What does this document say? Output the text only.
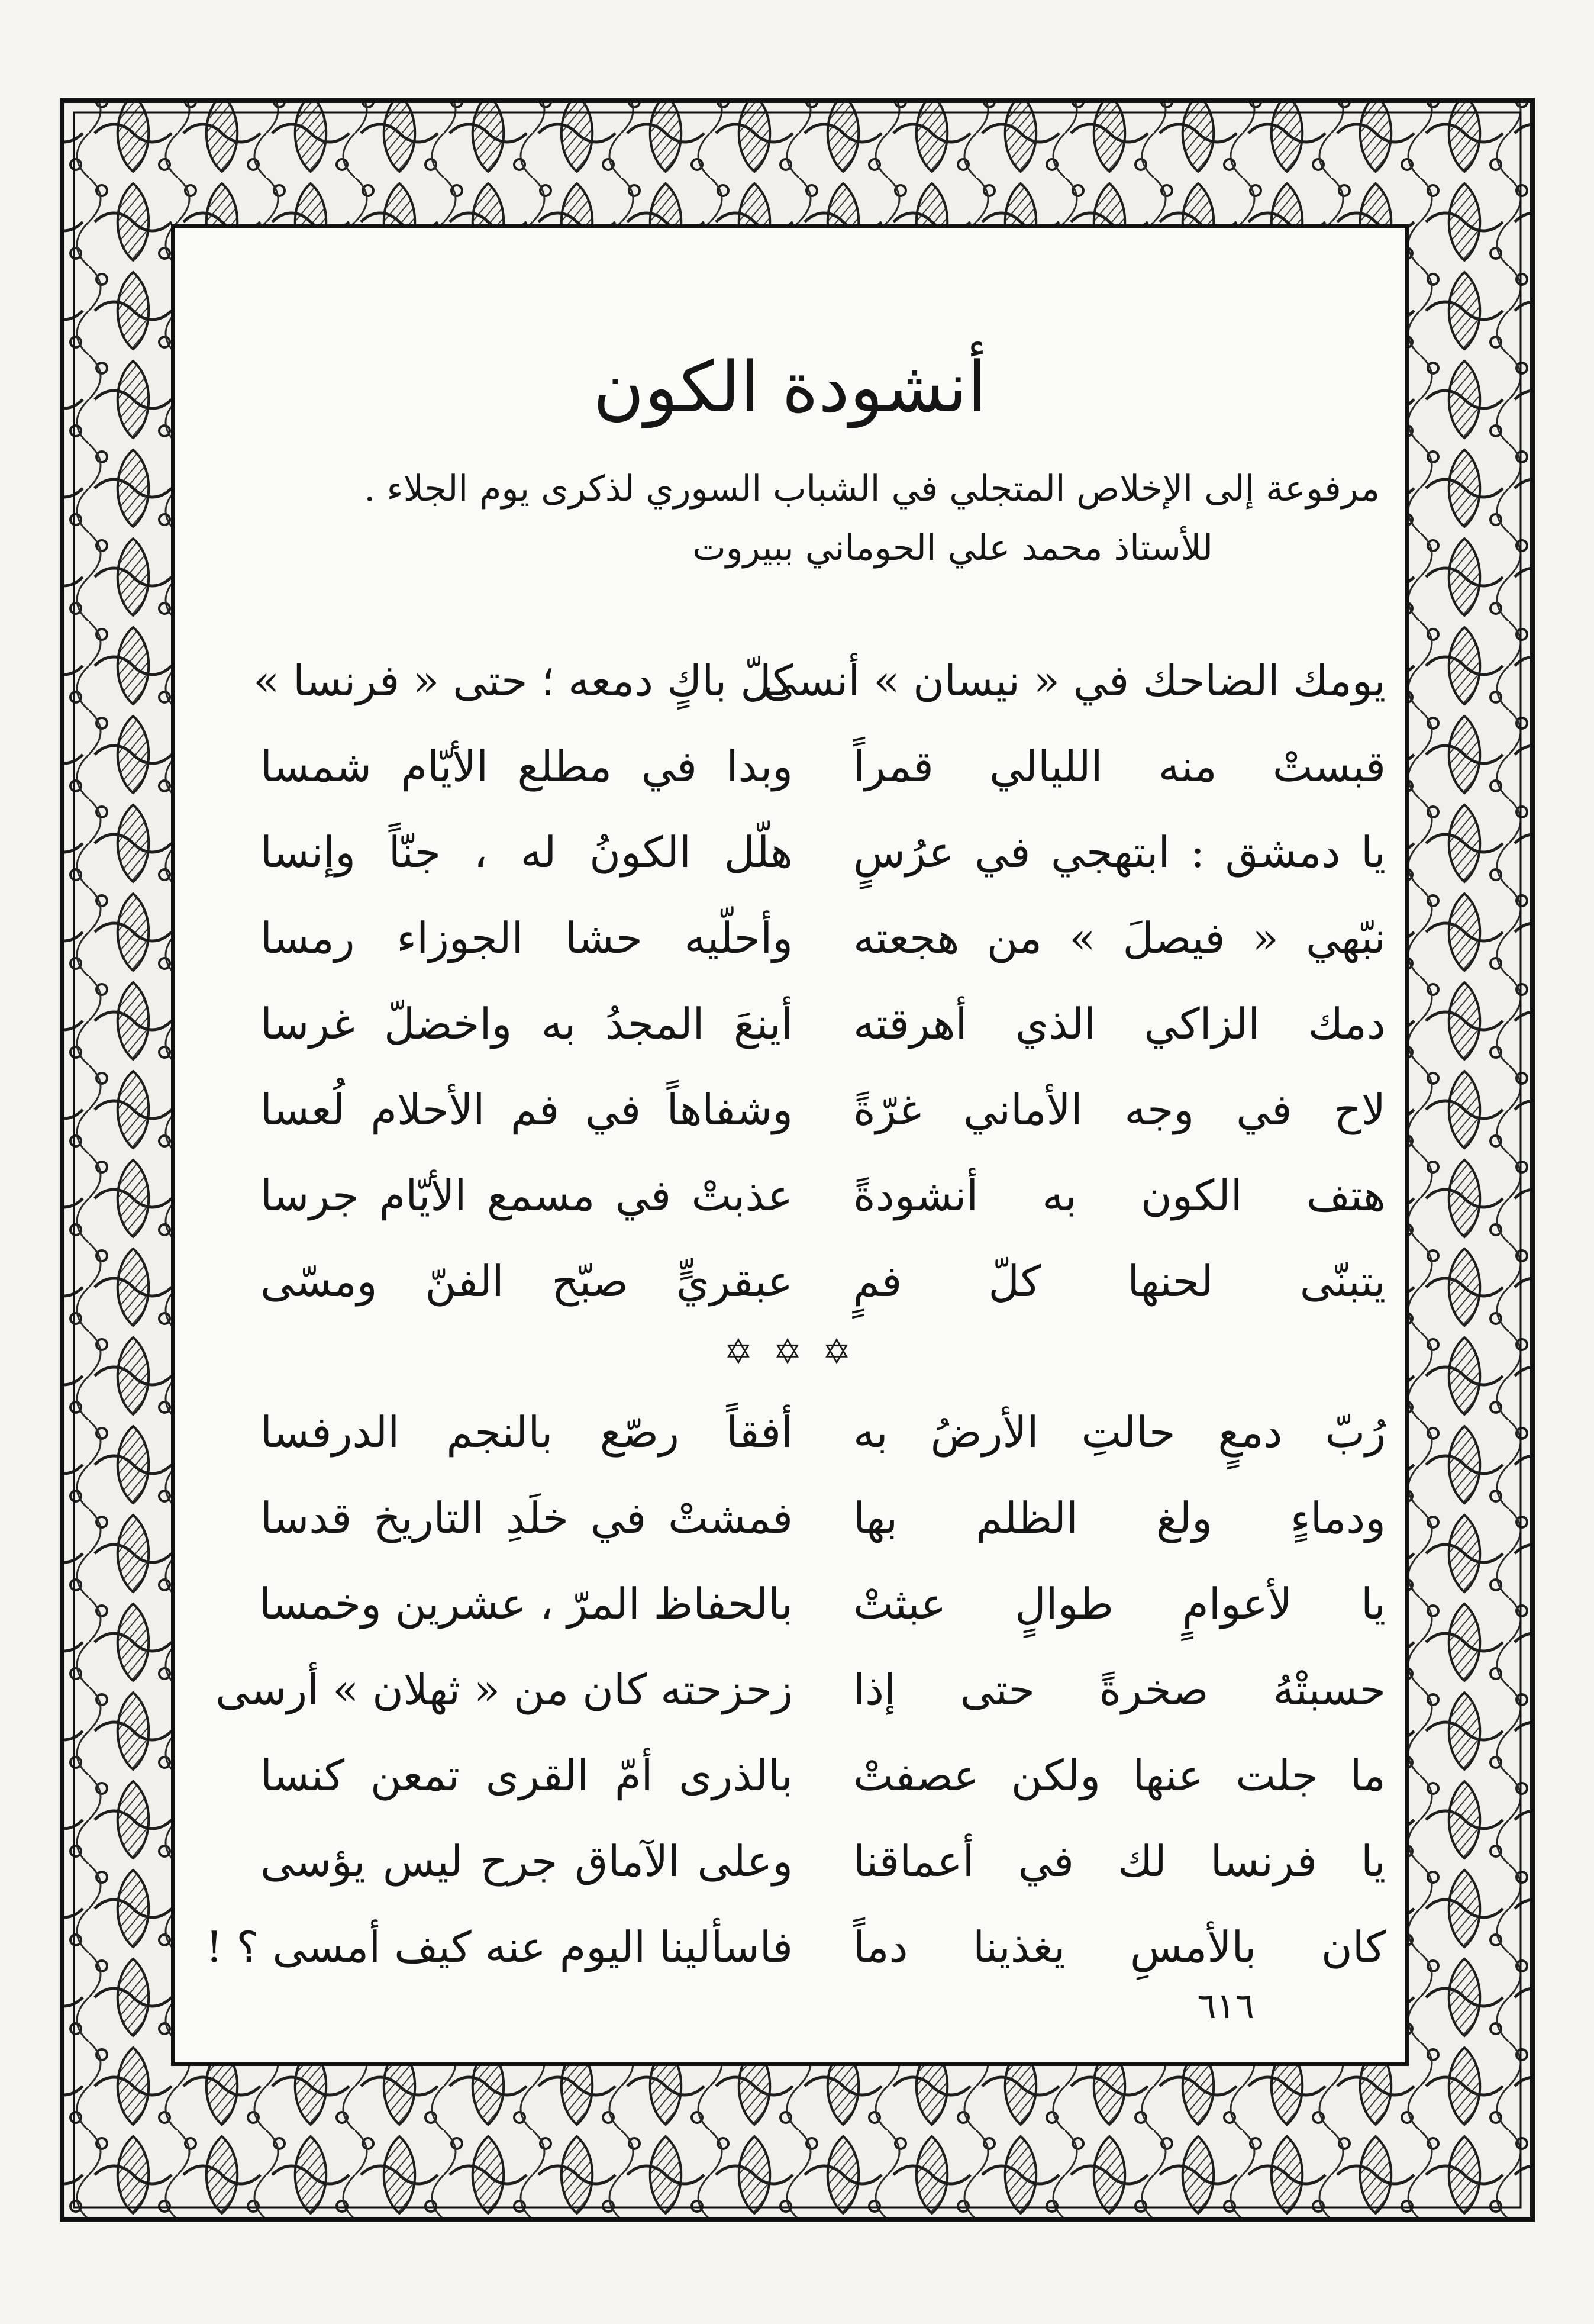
أنشودة الكون
مرفوعة إلى الإخلاص المتجلي في الشباب السوري لذكرى يوم الجلاء .
للأستاذ محمد علي الحوماني ببيروت
يومك الضاحك في « نيسان » أنسى
كلّ باكٍ دمعه ؛ حتى « فرنسا »
قبستْ منه الليالي قمراً
وبدا في مطلع الأيّام شمسا
يا دمشق : ابتهجي في عرُسٍ
هلّل الكونُ له ، جنّاً وإنسا
نبّهي « فيصلَ » من هجعته
وأحلّيه حشا الجوزاء رمسا
دمك الزاكي الذي أهرقته
أينعَ المجدُ به واخضلّ غرسا
لاح في وجه الأماني غرّةً
وشفاهاً في فم الأحلام لُعسا
هتف الكون به أنشودةً
عذبتْ في مسمع الأيّام جرسا
يتبنّى لحنها كلّ فمٍ
عبقريٍّ صبّح الفنّ ومسّى
✡ ✡ ✡
رُبّ دمعٍ حالتِ الأرضُ به
أفقاً رصّع بالنجم الدرفسا
ودماءٍ ولغ الظلم بها
فمشتْ في خلَدِ التاريخ قدسا
يا لأعوامٍ طوالٍ عبثتْ
بالحفاظ المرّ ، عشرين وخمسا
حسبتْهُ صخرةً حتى إذا
زحزحته كان من « ثهلان » أرسى
ما جلت عنها ولكن عصفتْ
بالذرى أمّ القرى تمعن كنسا
يا فرنسا لك في أعماقنا
وعلى الآماق جرح ليس يؤسى
كان بالأمسِ يغذينا دماً
فاسألينا اليوم عنه كيف أمسى ؟ !
٦١٦
